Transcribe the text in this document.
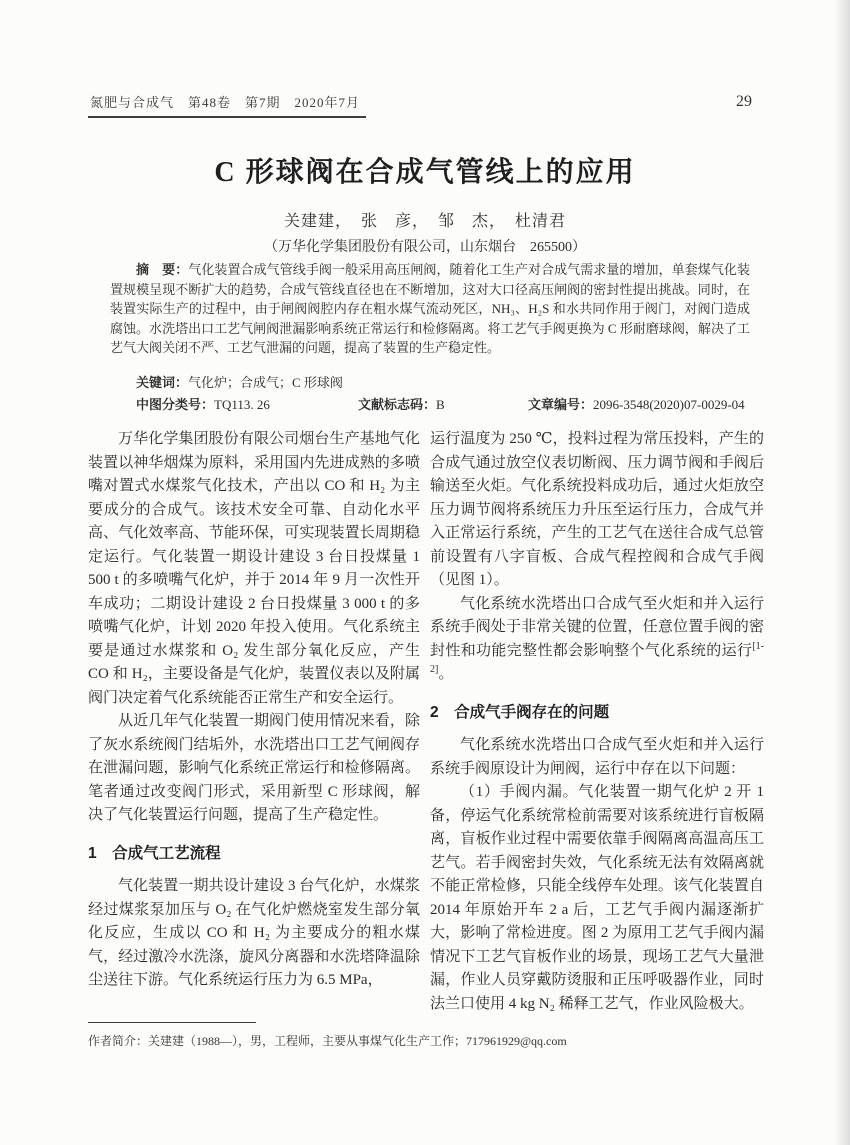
氮肥与合成气　第48卷　第7期　2020年7月	29
C 形球阀在合成气管线上的应用
关建建，　张　彦，　邹　杰，　杜清君
（万华化学集团股份有限公司，山东烟台　265500）

摘　要：气化装置合成气管线手阀一般采用高压闸阀，随着化工生产对合成气需求量的增加，单套煤气化装置规模呈现不断扩大的趋势，合成气管线直径也在不断增加，这对大口径高压闸阀的密封性提出挑战。同时，在装置实际生产的过程中，由于闸阀阀腔内存在粗水煤气流动死区，NH₃、H₂S 和水共同作用于阀门，对阀门造成腐蚀。水洗塔出口工艺气闸阀泄漏影响系统正常运行和检修隔离。将工艺气手阀更换为 C 形耐磨球阀，解决了工艺气大阀关闭不严、工艺气泄漏的问题，提高了装置的生产稳定性。

关键词：气化炉；合成气；C 形球阀
中图分类号：TQ113. 26	文献标志码：B	文章编号：2096-3548(2020)07-0029-04

万华化学集团股份有限公司烟台生产基地气化装置以神华烟煤为原料，采用国内先进成熟的多喷嘴对置式水煤浆气化技术，产出以 CO 和 H₂ 为主要成分的合成气。该技术安全可靠、自动化水平高、气化效率高、节能环保，可实现装置长周期稳定运行。气化装置一期设计建设 3 台日投煤量 1 500 t 的多喷嘴气化炉，并于 2014 年 9 月一次性开车成功；二期设计建设 2 台日投煤量 3 000 t 的多喷嘴气化炉，计划 2020 年投入使用。气化系统主要是通过水煤浆和 O₂ 发生部分氧化反应，产生 CO 和 H₂，主要设备是气化炉，装置仪表以及附属阀门决定着气化系统能否正常生产和安全运行。

从近几年气化装置一期阀门使用情况来看，除了灰水系统阀门结垢外，水洗塔出口工艺气闸阀存在泄漏问题，影响气化系统正常运行和检修隔离。笔者通过改变阀门形式，采用新型 C 形球阀，解决了气化装置运行问题，提高了生产稳定性。

1　合成气工艺流程

气化装置一期共设计建设 3 台气化炉，水煤浆经过煤浆泵加压与 O₂ 在气化炉燃烧室发生部分氧化反应，生成以 CO 和 H₂ 为主要成分的粗水煤气，经过激冷水洗涤，旋风分离器和水洗塔降温除尘送往下游。气化系统运行压力为 6.5 MPa，

运行温度为 250 ℃，投料过程为常压投料，产生的合成气通过放空仪表切断阀、压力调节阀和手阀后输送至火炬。气化系统投料成功后，通过火炬放空压力调节阀将系统压力升压至运行压力，合成气并入正常运行系统，产生的工艺气在送往合成气总管前设置有八字盲板、合成气程控阀和合成气手阀（见图 1）。

气化系统水洗塔出口合成气至火炬和并入运行系统手阀处于非常关键的位置，任意位置手阀的密封性和功能完整性都会影响整个气化系统的运行[1-2]。

2　合成气手阀存在的问题

气化系统水洗塔出口合成气至火炬和并入运行系统手阀原设计为闸阀，运行中存在以下问题：

（1）手阀内漏。气化装置一期气化炉 2 开 1 备，停运气化系统常检前需要对该系统进行盲板隔离，盲板作业过程中需要依靠手阀隔离高温高压工艺气。若手阀密封失效，气化系统无法有效隔离就不能正常检修，只能全线停车处理。该气化装置自 2014 年原始开车 2 a 后，工艺气手阀内漏逐渐扩大，影响了常检进度。图 2 为原用工艺气手阀内漏情况下工艺气盲板作业的场景，现场工艺气大量泄漏，作业人员穿戴防烫服和正压呼吸器作业，同时法兰口使用 4 kg N₂ 稀释工艺气，作业风险极大。

作者简介：关建建（1988—），男，工程师，主要从事煤气化生产工作；717961929@qq.com
